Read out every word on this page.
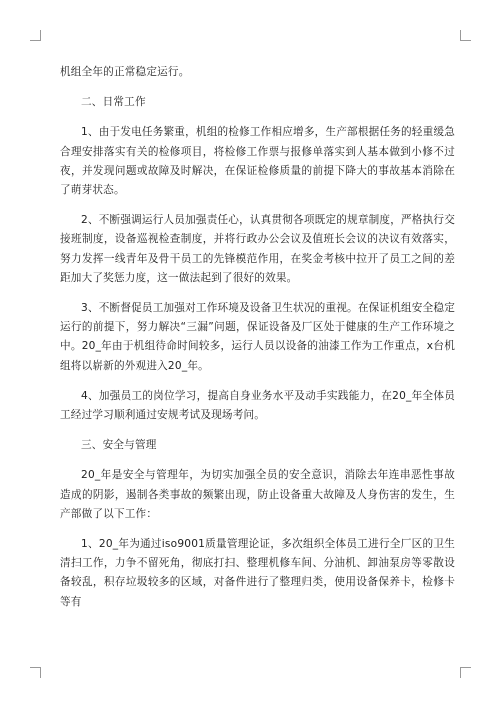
机组全年的正常稳定运行。

二、日常工作

1、由于发电任务繁重，机组的检修工作相应增多，生产部根据任务的轻重缓急合理安排落实有关的检修项目，将检修工作票与报修单落实到人基本做到小修不过夜，并发现问题或故障及时解决，在保证检修质量的前提下降大的事故基本消除在了萌芽状态。

2、不断强调运行人员加强责任心，认真贯彻各项既定的规章制度，严格执行交接班制度，设备巡视检查制度，并将行政办公会议及值班长会议的决议有效落实，努力发挥一线青年及骨干员工的先锋模范作用，在奖金考核中拉开了员工之间的差距加大了奖惩力度，这一做法起到了很好的效果。

3、不断督促员工加强对工作环境及设备卫生状况的重视。在保证机组安全稳定运行的前提下，努力解决“三漏”问题，保证设备及厂区处于健康的生产工作环境之中。20_年由于机组待命时间较多，运行人员以设备的油漆工作为工作重点，x台机组将以崭新的外观进入20_年。

4、加强员工的岗位学习，提高自身业务水平及动手实践能力，在20_年全体员工经过学习顺利通过安规考试及现场考问。

三、安全与管理

20_年是安全与管理年，为切实加强全员的安全意识，消除去年连串恶性事故造成的阴影，遏制各类事故的频繁出现，防止设备重大故障及人身伤害的发生，生产部做了以下工作：

1、20_年为通过iso9001质量管理论证，多次组织全体员工进行全厂区的卫生清扫工作，力争不留死角，彻底打扫、整理机修车间、分油机、卸油泵房等零散设备较乱，积存垃圾较多的区域，对备件进行了整理归类，使用设备保养卡，检修卡等有
